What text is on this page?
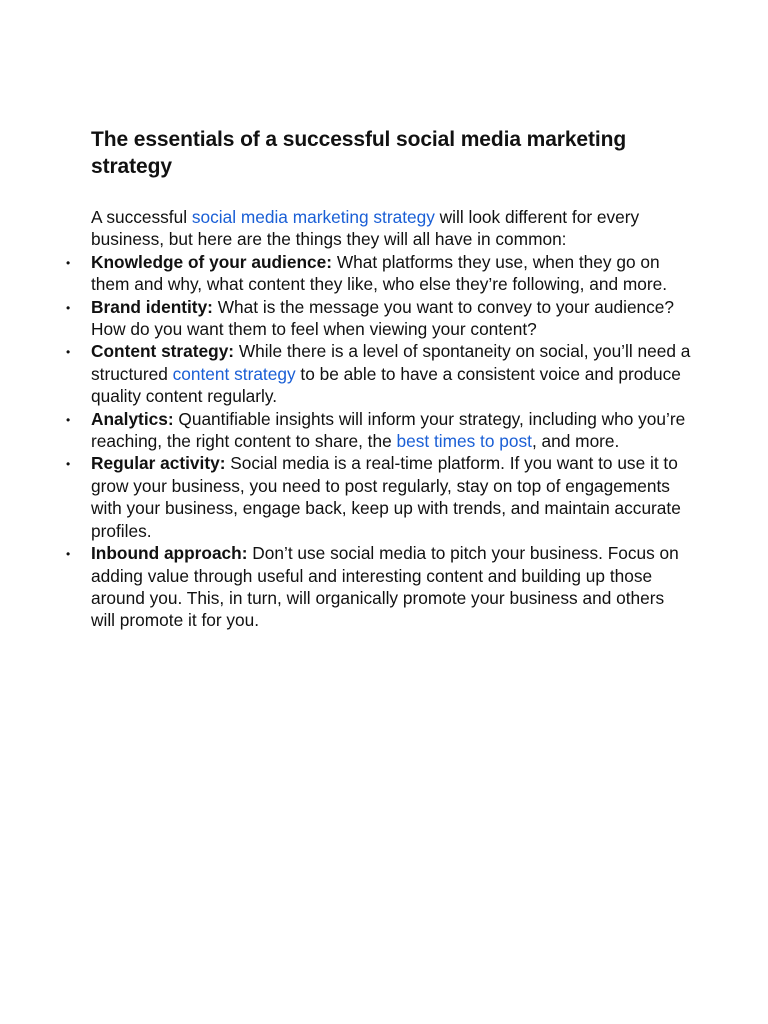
The essentials of a successful social media marketing strategy

A successful social media marketing strategy will look different for every business, but here are the things they will all have in common:

• Knowledge of your audience: What platforms they use, when they go on them and why, what content they like, who else they’re following, and more.
• Brand identity: What is the message you want to convey to your audience? How do you want them to feel when viewing your content?
• Content strategy: While there is a level of spontaneity on social, you’ll need a structured content strategy to be able to have a consistent voice and produce quality content regularly.
• Analytics: Quantifiable insights will inform your strategy, including who you’re reaching, the right content to share, the best times to post, and more.
• Regular activity: Social media is a real-time platform. If you want to use it to grow your business, you need to post regularly, stay on top of engagements with your business, engage back, keep up with trends, and maintain accurate profiles.
• Inbound approach: Don’t use social media to pitch your business. Focus on adding value through useful and interesting content and building up those around you. This, in turn, will organically promote your business and others will promote it for you.
